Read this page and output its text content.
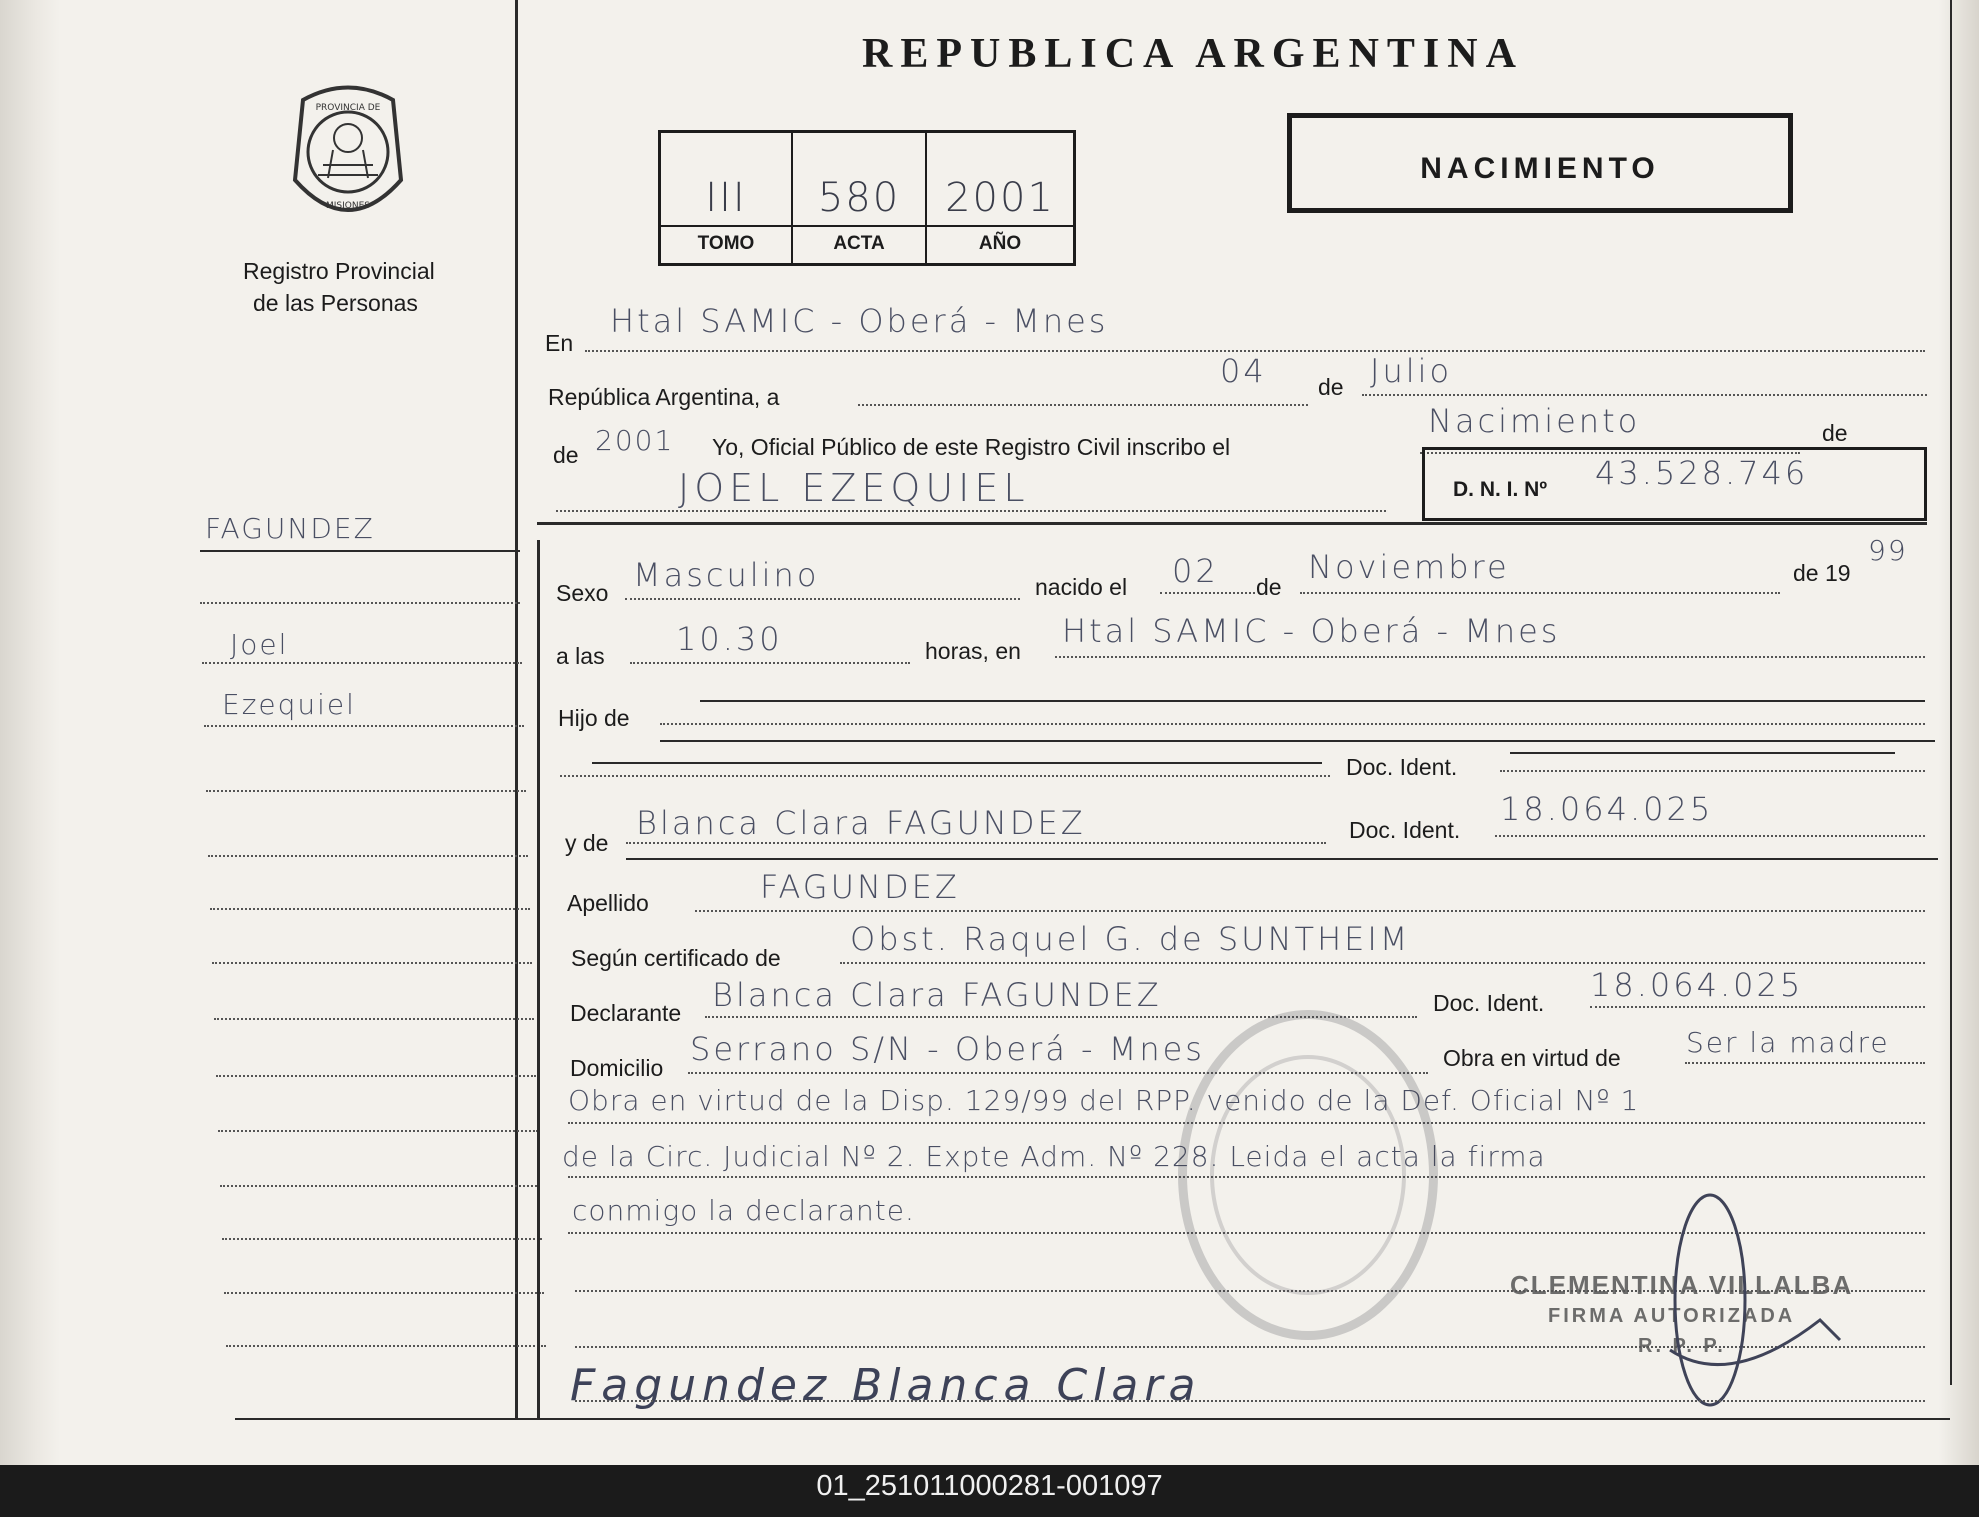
PROVINCIA DE
MISIONES
Registro Provincial
de las Personas
FAGUNDEZ
Joel
Ezequiel
REPUBLICA ARGENTINA
III
TOMO
580
ACTA
2001
AÑO
NACIMIENTO
En
Htal SAMIC - Oberá - Mnes
República Argentina, a
04 de Julio
de 2001 Yo, Oficial Público de este Registro Civil inscribo el
Nacimiento	de
JOEL EZEQUIEL	D. N. I. Nº 43.528.746
Sexo Masculino	nacido el 02 de
Noviembre	de 19
99
a las 10.30	horas, en
Htal SAMIC - Oberá - Mnes
Hijo de
Doc. Ident.
y de
Blanca Clara FAGUNDEZ	Doc. Ident.
18.064.025
Apellido	FAGUNDEZ
Según certificado de Obst. Raquel G. de SUNTHEIM
Declarante Blanca Clara FAGUNDEZ	Doc. Ident. 18.064.025
Domicilio Serrano S/N - Oberá - Mnes	Obra en virtud de Ser la madre
Obra en virtud de la Disp. 129/99 del RPP. venido de la Def. Oficial Nº 1
de la Circ. Judicial Nº 2. Expte Adm. Nº 228. Leida el acta la firma
conmigo la declarante.
CLEMENTINA VILLALBA
FIRMA AUTORIZADA
R. P. P.
Fagundez Blanca Clara
01_251011000281-001097
